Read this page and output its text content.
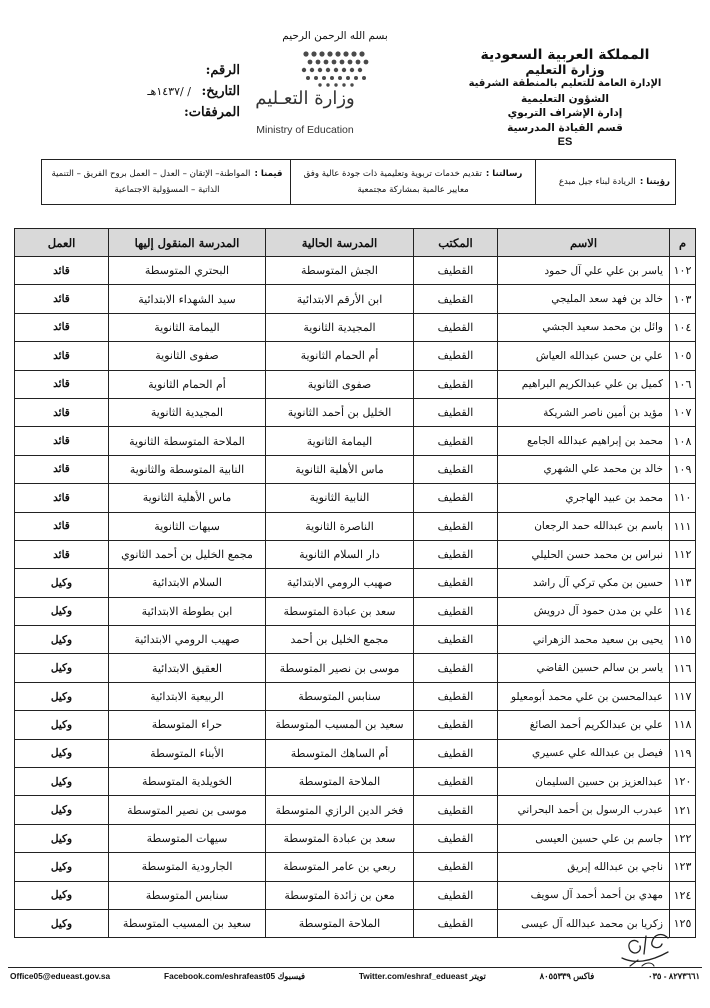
بسم الله الرحمن الرحيم
المملكة العربية السعودية
وزارة التعليم
الإدارة العامة للتعليم بالمنطقة الشرقية
الشؤون التعليمية
إدارة الإشراف التربوي
قسم القيادة المدرسية
ES
وزارة التعـليم
Ministry of Education
الرقم:
التاريخ: / /١٤٣٧هـ
المرفقات:
رؤيتنا :الريادة لبناء جيل مبدع
رسالتنا :تقديم خدمات تربوية وتعليمية ذات جودة عالية وفق معايير عالمية بمشاركة مجتمعية
قيمنا :المواطنة– الإتقان – العدل – العمل بروح الفريق – التنمية الذاتية – المسؤولية الاجتماعية
م	الاسم	المكتب	المدرسة الحالية	المدرسة المنقول إليها	العمل
١٠٢	ياسر بن علي علي آل حمود	القطيف	الجش المتوسطة	البحتري المتوسطة	قائد
١٠٣	خالد بن فهد سعد المليجي	القطيف	ابن الأرقم الابتدائية	سيد الشهداء الابتدائية	قائد
١٠٤	وائل بن محمد سعيد الجشي	القطيف	المجيدية الثانوية	اليمامة الثانوية	قائد
١٠٥	علي بن حسن عبدالله العياش	القطيف	أم الحمام الثانوية	صفوى الثانوية	قائد
١٠٦	كميل بن علي عبدالكريم البراهيم	القطيف	صفوى الثانوية	أم الحمام الثانوية	قائد
١٠٧	مؤيد بن أمين ناصر الشريكة	القطيف	الخليل بن أحمد الثانوية	المجيدية الثانوية	قائد
١٠٨	محمد بن إبراهيم عبدالله الجامع	القطيف	اليمامة الثانوية	الملاحة المتوسطة الثانوية	قائد
١٠٩	خالد بن محمد علي الشهري	القطيف	ماس الأهلية الثانوية	النابية المتوسطة والثانوية	قائد
١١٠	محمد بن عبيد الهاجري	القطيف	النابية الثانوية	ماس الأهلية الثانوية	قائد
١١١	باسم بن عبدالله حمد الرجعان	القطيف	الناصرة الثانوية	سيهات الثانوية	قائد
١١٢	نبراس بن محمد حسن الحليلي	القطيف	دار السلام الثانوية	مجمع الخليل بن أحمد الثانوي	قائد
١١٣	حسين بن مكي تركي آل راشد	القطيف	صهيب الرومي الابتدائية	السلام الابتدائية	وكيل
١١٤	علي بن مدن حمود آل درويش	القطيف	سعد بن عبادة المتوسطة	ابن بطوطة الابتدائية	وكيل
١١٥	يحيى بن سعيد محمد الزهراني	القطيف	مجمع الخليل بن أحمد	صهيب الرومي الابتدائية	وكيل
١١٦	ياسر بن سالم حسين القاضي	القطيف	موسى بن نصير المتوسطة	العقيق الابتدائية	وكيل
١١٧	عبدالمحسن بن علي محمد أبومعيلو	القطيف	سنابس المتوسطة	الربيعية الابتدائية	وكيل
١١٨	علي بن عبدالكريم أحمد الصائغ	القطيف	سعيد بن المسيب المتوسطة	حراء المتوسطة	وكيل
١١٩	فيصل بن عبدالله علي عسيري	القطيف	أم الساهك المتوسطة	الأبناء المتوسطة	وكيل
١٢٠	عبدالعزيز بن حسين السليمان	القطيف	الملاحة المتوسطة	الخويلدية المتوسطة	وكيل
١٢١	عبدرب الرسول بن أحمد البحراني	القطيف	فخر الدين الرازي المتوسطة	موسى بن نصير المتوسطة	وكيل
١٢٢	جاسم بن علي حسين العيسى	القطيف	سعد بن عبادة المتوسطة	سيهات المتوسطة	وكيل
١٢٣	ناجي بن عبدالله إبريق	القطيف	ربعي بن عامر المتوسطة	الجارودية المتوسطة	وكيل
١٢٤	مهدي بن أحمد أحمد آل سويف	القطيف	معن بن زائدة المتوسطة	سنابس المتوسطة	وكيل
١٢٥	زكريا بن محمد عبدالله آل عيسى	القطيف	الملاحة المتوسطة	سعيد بن المسيب المتوسطة	وكيل
Office05@edueast.gov.sa	Facebook.com/eshrafeast05 فيسبوك	Twitter.com/eshraf_edueast تويتر	فاكس ٨٠٥٥٣٣٩	٨٢٧٣٦٦١ - ٠٣٥
